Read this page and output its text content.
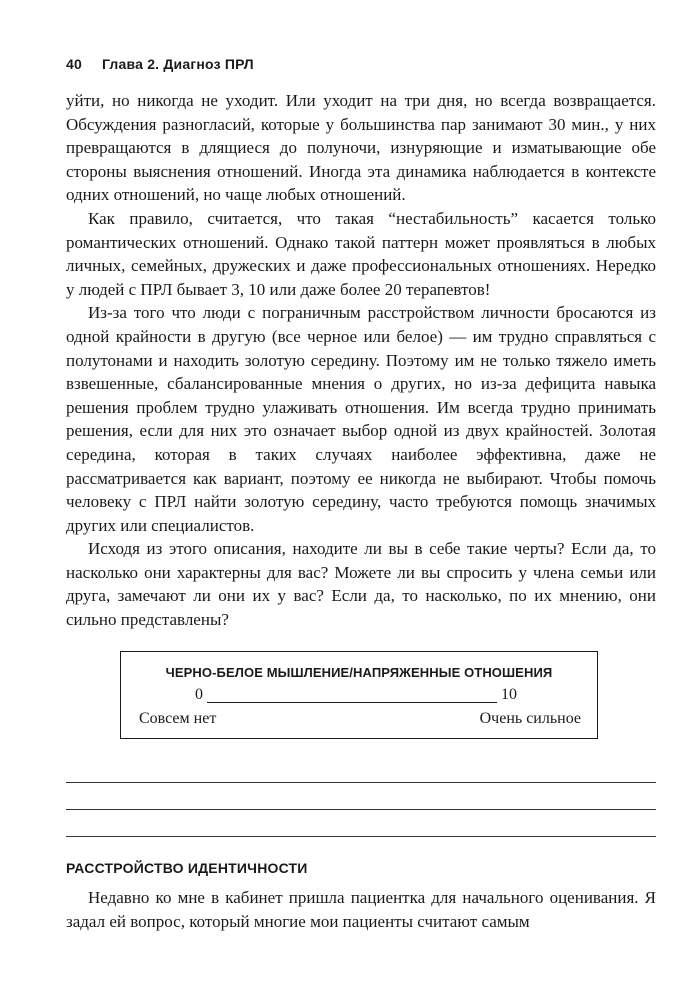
40 Глава 2. Диагноз ПРЛ

уйти, но никогда не уходит. Или уходит на три дня, но всегда возвращается. Обсуждения разногласий, которые у большинства пар занимают 30 мин., у них превращаются в длящиеся до полуночи, изнуряющие и изматывающие обе стороны выяснения отношений. Иногда эта динамика наблюдается в контексте одних отношений, но чаще любых отношений.

Как правило, считается, что такая “нестабильность” касается только романтических отношений. Однако такой паттерн может проявляться в любых личных, семейных, дружеских и даже профессиональных отношениях. Нередко у людей с ПРЛ бывает 3, 10 или даже более 20 терапевтов!

Из-за того что люди с пограничным расстройством личности бросаются из одной крайности в другую (все черное или белое) — им трудно справляться с полутонами и находить золотую середину. Поэтому им не только тяжело иметь взвешенные, сбалансированные мнения о других, но из-за дефицита навыка решения проблем трудно улаживать отношения. Им всегда трудно принимать решения, если для них это означает выбор одной из двух крайностей. Золотая середина, которая в таких случаях наиболее эффективна, даже не рассматривается как вариант, поэтому ее никогда не выбирают. Чтобы помочь человеку с ПРЛ найти золотую середину, часто требуются помощь значимых других или специалистов.

Исходя из этого описания, находите ли вы в себе такие черты? Если да, то насколько они характерны для вас? Можете ли вы спросить у члена семьи или друга, замечают ли они их у вас? Если да, то насколько, по их мнению, они сильно представлены?

ЧЕРНО-БЕЛОЕ МЫШЛЕНИЕ/НАПРЯЖЕННЫЕ ОТНОШЕНИЯ
0	10
Совсем нет	Очень сильное
РАССТРОЙСТВО ИДЕНТИЧНОСТИ

Недавно ко мне в кабинет пришла пациентка для начального оценивания. Я задал ей вопрос, который многие мои пациенты считают самым
